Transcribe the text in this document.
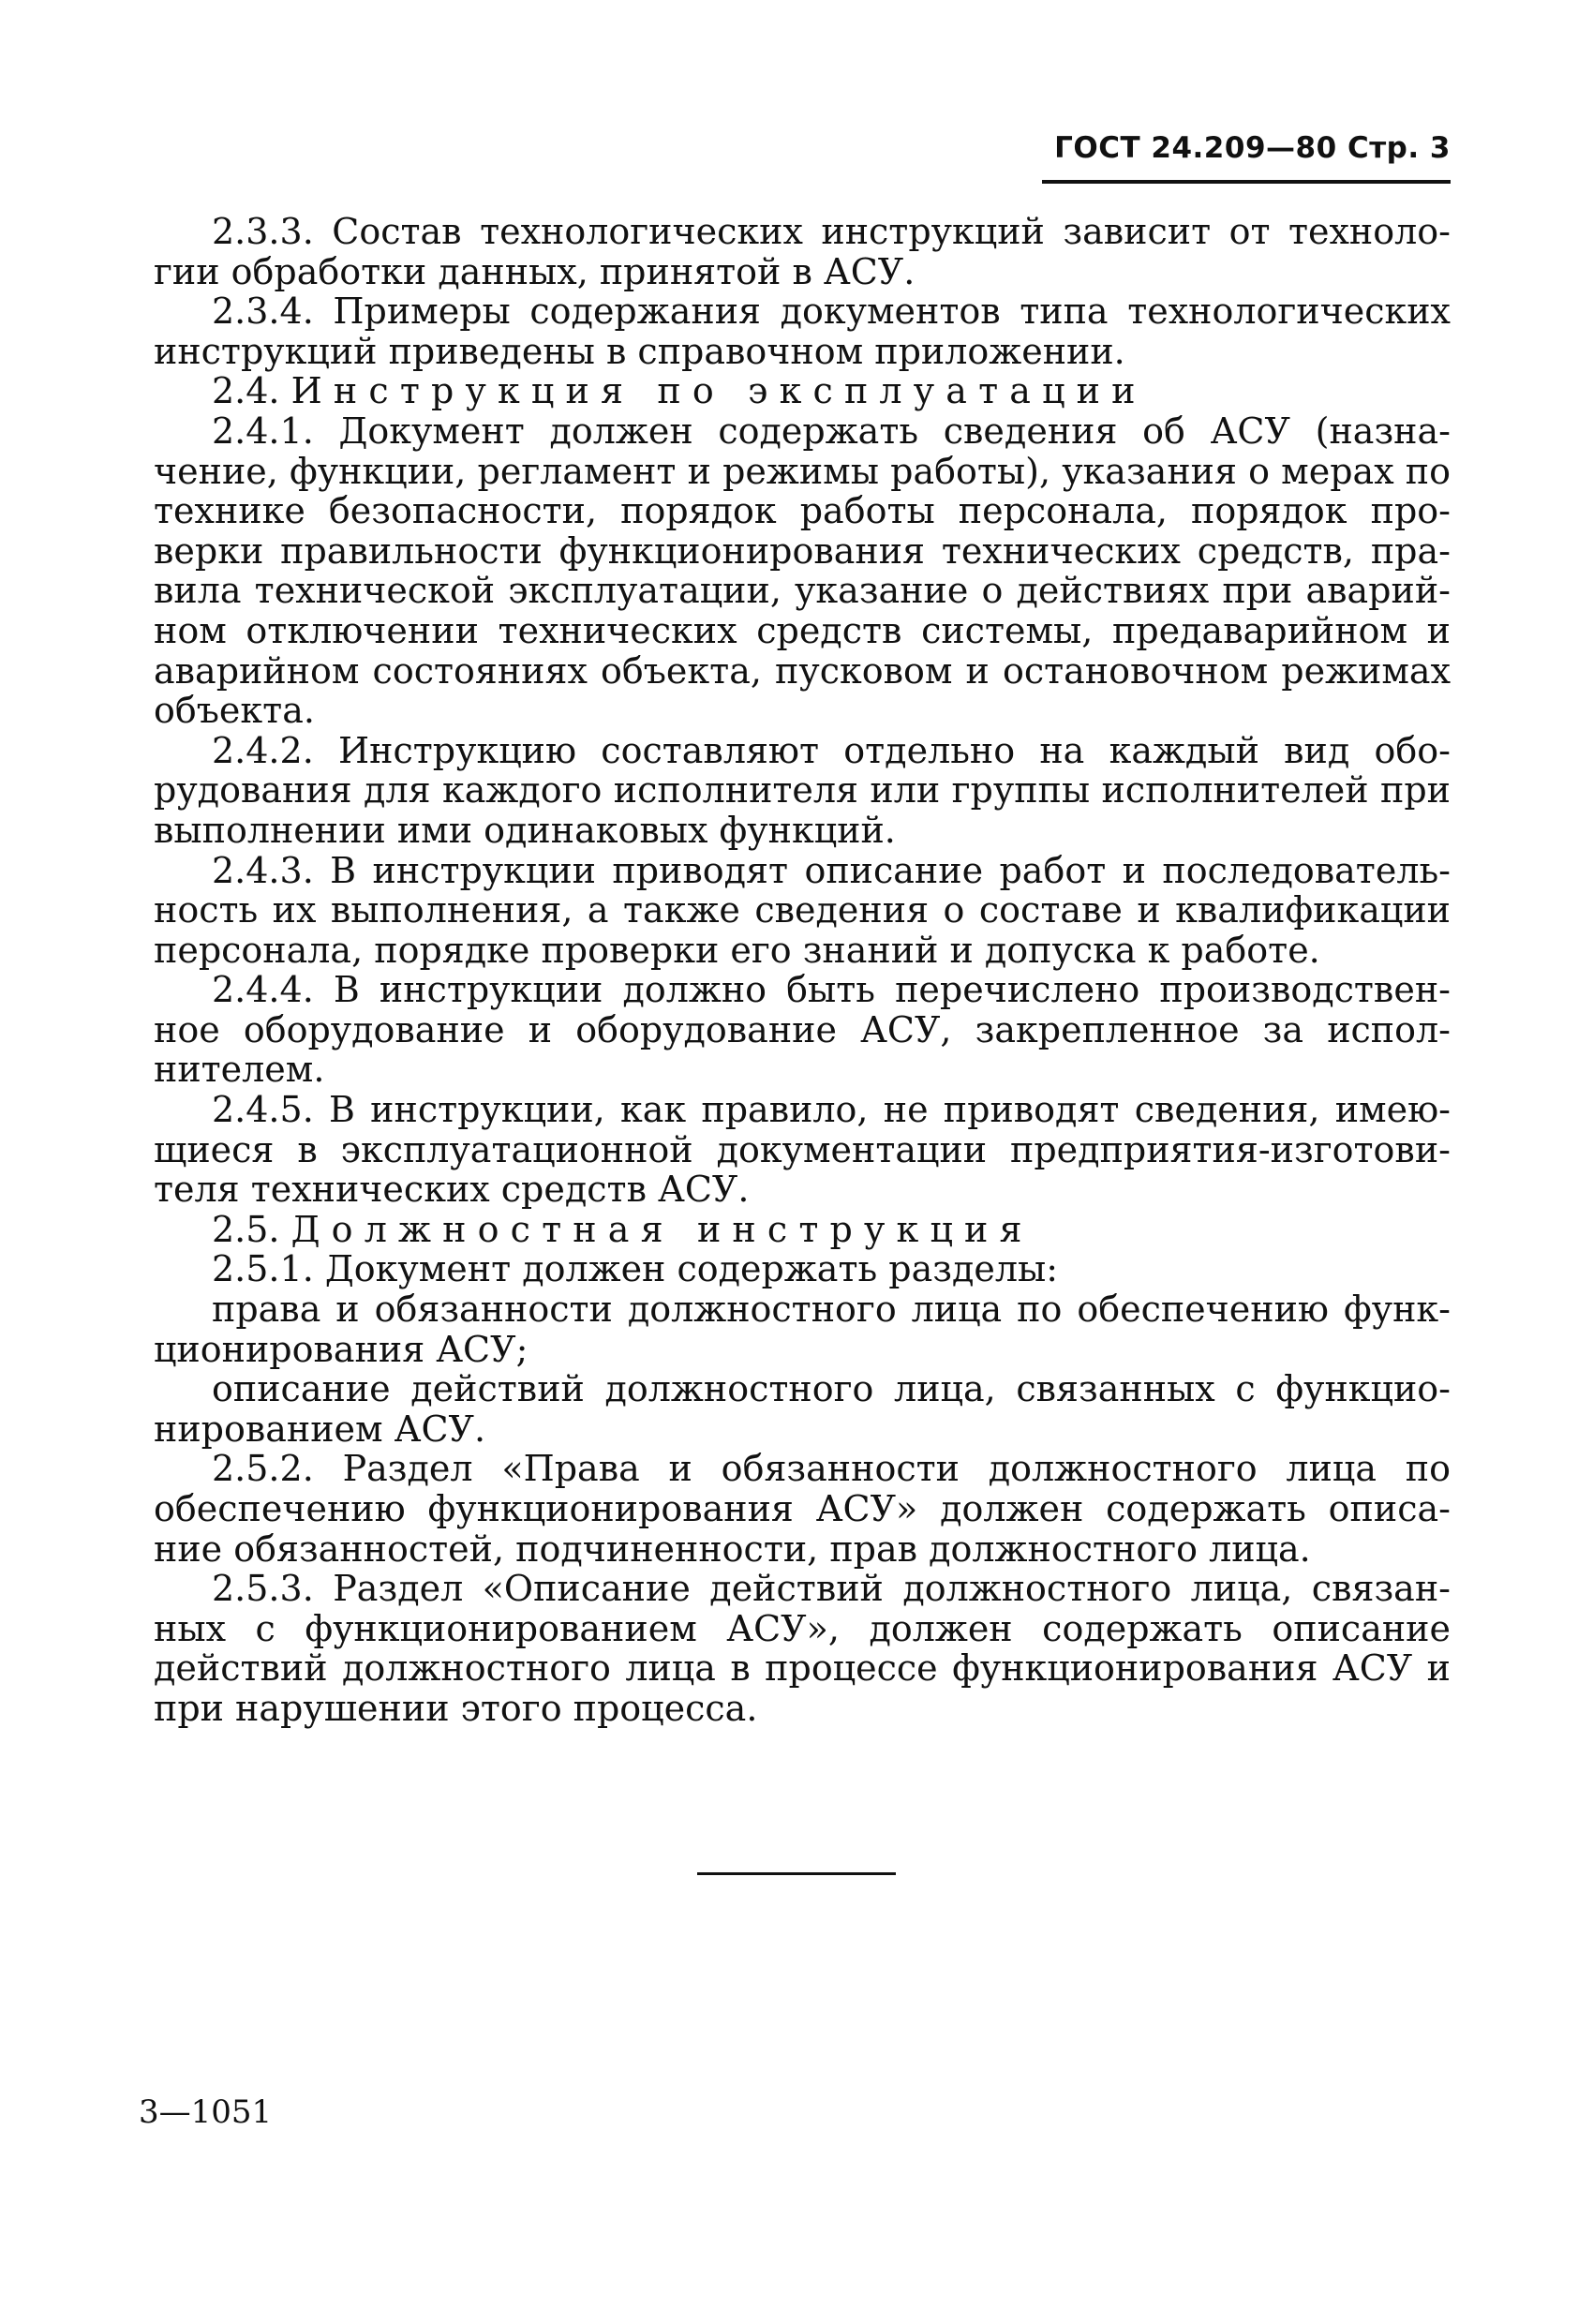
ГОСТ 24.209—80 Стр. 3

2.3.3. Состав технологических инструкций зависит от технологии обработки данных, принятой в АСУ.

2.3.4. Примеры содержания документов типа технологических инструкций приведены в справочном приложении.

2.4. Инструкция по эксплуатации

2.4.1. Документ должен содержать сведения об АСУ (назначение, функции, регламент и режимы работы), указания о мерах по технике безопасности, порядок работы персонала, порядок проверки правильности функционирования технических средств, правила технической эксплуатации, указание о действиях при аварийном отключении технических средств системы, предаварийном и аварийном состояниях объекта, пусковом и остановочном режимах объекта.

2.4.2. Инструкцию составляют отдельно на каждый вид оборудования для каждого исполнителя или группы исполнителей при выполнении ими одинаковых функций.

2.4.3. В инструкции приводят описание работ и последовательность их выполнения, а также сведения о составе и квалификации персонала, порядке проверки его знаний и допуска к работе.

2.4.4. В инструкции должно быть перечислено производственное оборудование и оборудование АСУ, закрепленное за исполнителем.

2.4.5. В инструкции, как правило, не приводят сведения, имеющиеся в эксплуатационной документации предприятия-изготовителя технических средств АСУ.

2.5. Должностная инструкция

2.5.1. Документ должен содержать разделы:

права и обязанности должностного лица по обеспечению функционирования АСУ;

описание действий должностного лица, связанных с функционированием АСУ.

2.5.2. Раздел «Права и обязанности должностного лица по обеспечению функционирования АСУ» должен содержать описание обязанностей, подчиненности, прав должностного лица.

2.5.3. Раздел «Описание действий должностного лица, связанных с функционированием АСУ», должен содержать описание действий должностного лица в процессе функционирования АСУ и при нарушении этого процесса.

3—1051
